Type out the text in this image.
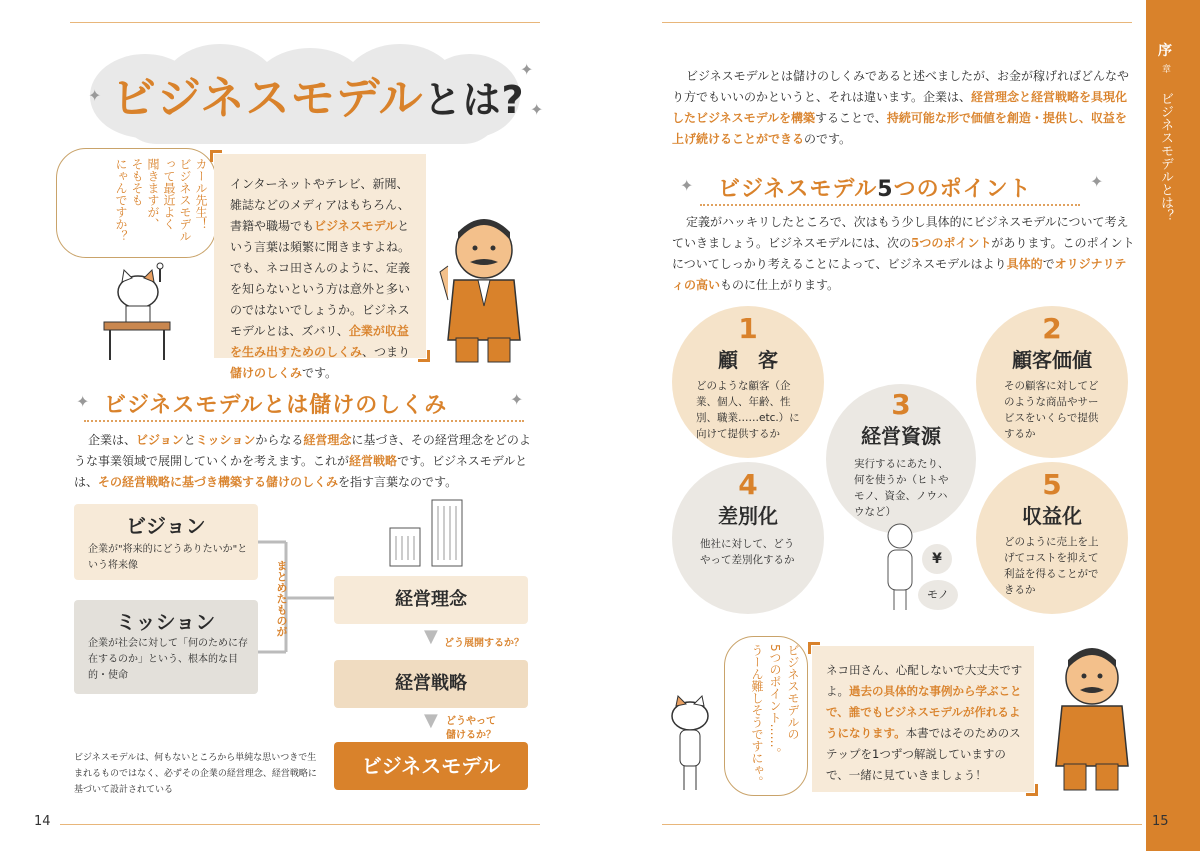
✦
✦
✦
ビジネスモデルとは?
カール先生！
ビジネスモデル
って最近よく
聞きますが、
そもそも
にゃんですか？	インターネットやテレビ、新聞、雑誌などのメディアはもちろん、書籍や職場でもビジネスモデルという言葉は頻繁に聞きますよね。でも、ネコ田さんのように、定義を知らないという方は意外と多いのではないでしょうか。ビジネスモデルとは、ズバリ、企業が収益を生み出すためのしくみ、つまり儲けのしくみです。
✦	✦
ビジネスモデルとは儲けのしくみ
企業は、ビジョンとミッションからなる経営理念に基づき、その経営理念をどのような事業領域で展開していくかを考えます。これが経営戦略です。ビジネスモデルとは、その経営戦略に基づき構築する儲けのしくみを指す言葉なのです。
ビジョン
企業が"将来的にどうありたいか"という将来像
ミッション
企業が社会に対して「何のために存在するのか」という、根本的な目的・使命
まとめたものが	経営理念
経営戦略
ビジネスモデル
▼
▼
どう展開するか？
どうやって
儲けるか？
ビジネスモデルは、何もないところから単純な思いつきで生まれるものではなく、必ずその企業の経営理念、経営戦略に基づいて設計されている
14
序
章
ビジネスモデルとは？
ビジネスモデルとは儲けのしくみであると述べましたが、お金が稼げればどんなやり方でもいいのかというと、それは違います。企業は、経営理念と経営戦略を具現化したビジネスモデルを構築することで、持続可能な形で価値を創造・提供し、収益を上げ続けることができるのです。
✦	✦
ビジネスモデル5つのポイント
定義がハッキリしたところで、次はもう少し具体的にビジネスモデルについて考えていきましょう。ビジネスモデルには、次の5つのポイントがあります。このポイントについてしっかり考えることによって、ビジネスモデルはより具体的でオリジナリティの高いものに仕上がります。
1
顧　客
どのような顧客（企業、個人、年齢、性別、職業……etc.）に向けて提供するか
2
顧客価値
その顧客に対してどのような商品やサービスをいくらで提供するか
3
経営資源
実行するにあたり、何を使うか（ヒトやモノ、資金、ノウハウなど）
4
差別化
他社に対して、どうやって差別化するか
5
収益化
どのように売上を上げてコストを抑えて利益を得ることができるか
¥
モノ
ビジネスモデルの
5つのポイント……。
うーん難しそうですにゃ。	ネコ田さん、心配しないで大丈夫ですよ。過去の具体的な事例から学ぶことで、誰でもビジネスモデルが作れるようになります。本書ではそのためのステップを1つずつ解説していますので、一緒に見ていきましょう！
15
